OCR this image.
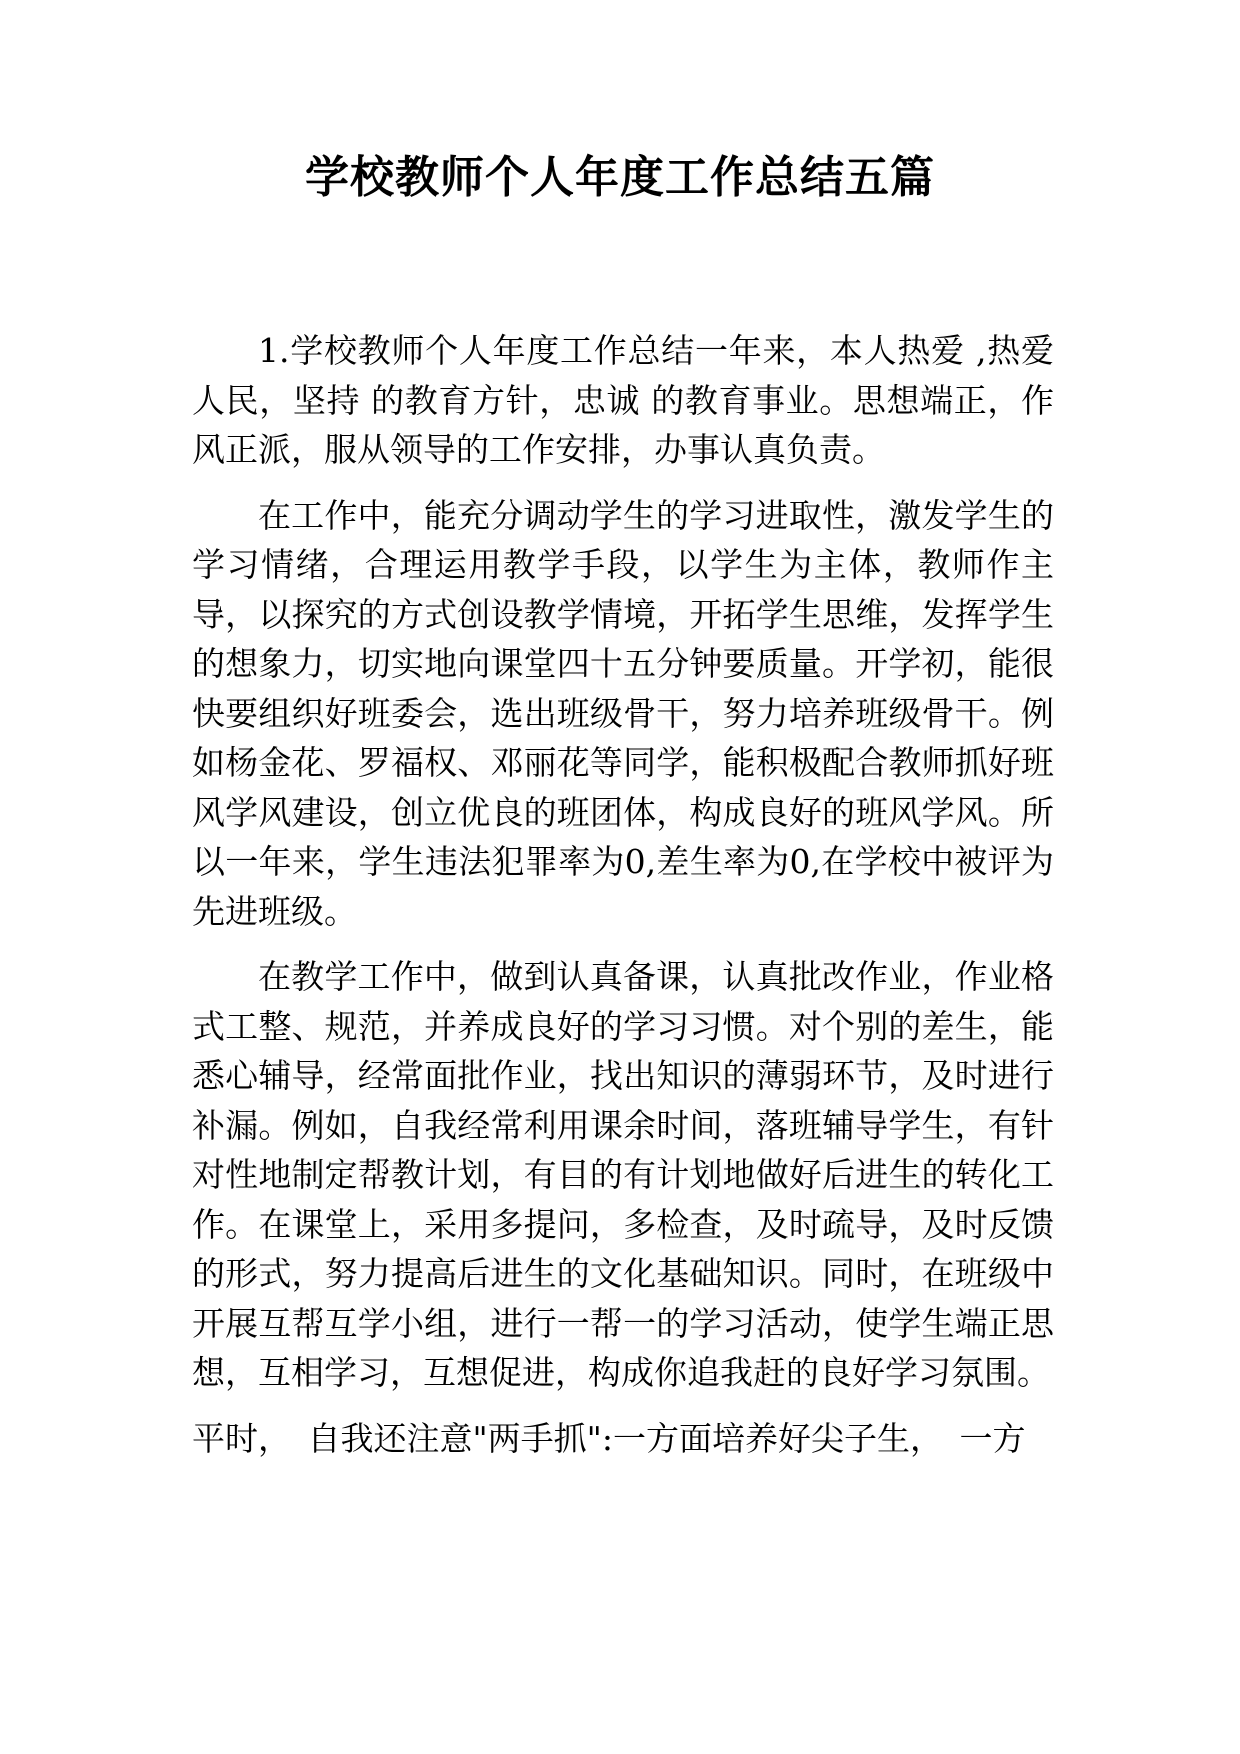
学校教师个人年度工作总结五篇

1.学校教师个人年度工作总结一年来，本人热爱 ,热爱人民，坚持 的教育方针，忠诚 的教育事业。思想端正，作风正派，服从领导的工作安排，办事认真负责。

在工作中，能充分调动学生的学习进取性，激发学生的学习情绪，合理运用教学手段，以学生为主体，教师作主导，以探究的方式创设教学情境，开拓学生思维，发挥学生的想象力，切实地向课堂四十五分钟要质量。开学初，能很快要组织好班委会，选出班级骨干，努力培养班级骨干。例如杨金花、罗福权、邓丽花等同学，能积极配合教师抓好班风学风建设，创立优良的班团体，构成良好的班风学风。所以一年来，学生违法犯罪率为0,差生率为0,在学校中被评为先进班级。

在教学工作中，做到认真备课，认真批改作业，作业格式工整、规范，并养成良好的学习习惯。对个别的差生，能悉心辅导，经常面批作业，找出知识的薄弱环节，及时进行补漏。例如，自我经常利用课余时间，落班辅导学生，有针对性地制定帮教计划，有目的有计划地做好后进生的转化工作。在课堂上，采用多提问，多检查，及时疏导，及时反馈的形式，努力提高后进生的文化基础知识。同时，在班级中开展互帮互学小组，进行一帮一的学习活动，使学生端正思想，互相学习，互想促进，构成你追我赶的良好学习氛围。

平时，　自我还注意"两手抓":一方面培养好尖子生，　一方
